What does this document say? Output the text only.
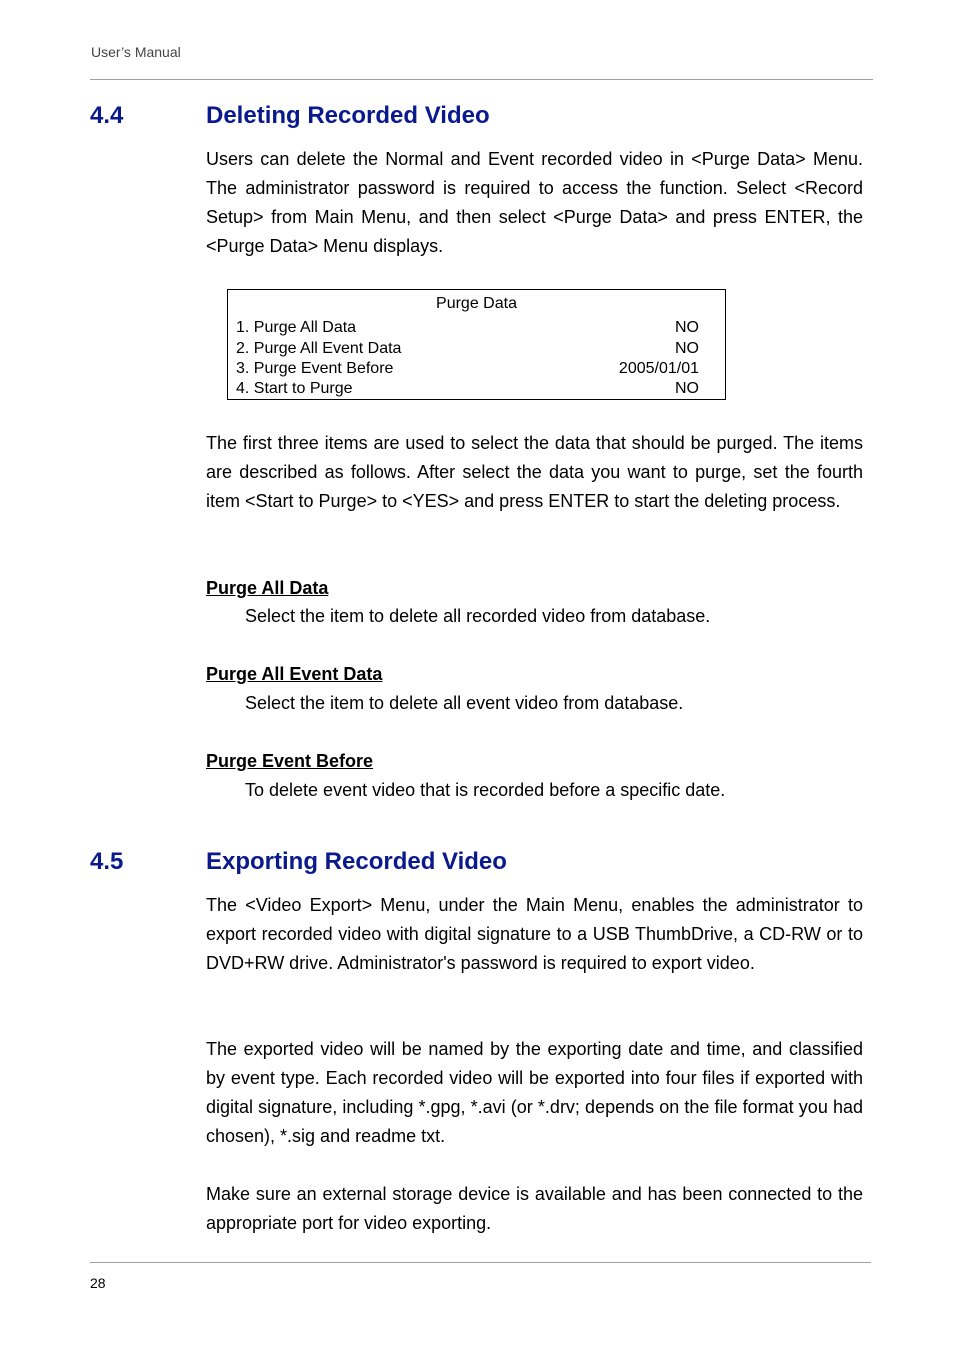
User’s Manual
4.4	Deleting Recorded Video

Users can delete the Normal and Event recorded video in <Purge Data> Menu. The administrator password is required to access the function. Select <Record Setup> from Main Menu, and then select <Purge Data> and press ENTER, the <Purge Data> Menu displays.

Purge Data
1. Purge All Data	NO
2. Purge All Event Data	NO
3. Purge Event Before	2005/01/01
4. Start to Purge	NO

The first three items are used to select the data that should be purged. The items are described as follows. After select the data you want to purge, set the fourth item <Start to Purge> to <YES> and press ENTER to start the deleting process.

Purge All Data
Select the item to delete all recorded video from database.
Purge All Event Data
Select the item to delete all event video from database.
Purge Event Before
To delete event video that is recorded before a specific date.
4.5	Exporting Recorded Video

The <Video Export> Menu, under the Main Menu, enables the administrator to export recorded video with digital signature to a USB ThumbDrive, a CD-RW or to DVD+RW drive. Administrator's password is required to export video.

The exported video will be named by the exporting date and time, and classified by event type. Each recorded video will be exported into four files if exported with digital signature, including *.gpg, *.avi (or *.drv; depends on the file format you had chosen), *.sig and readme txt.

Make sure an external storage device is available and has been connected to the appropriate port for video exporting.

28
